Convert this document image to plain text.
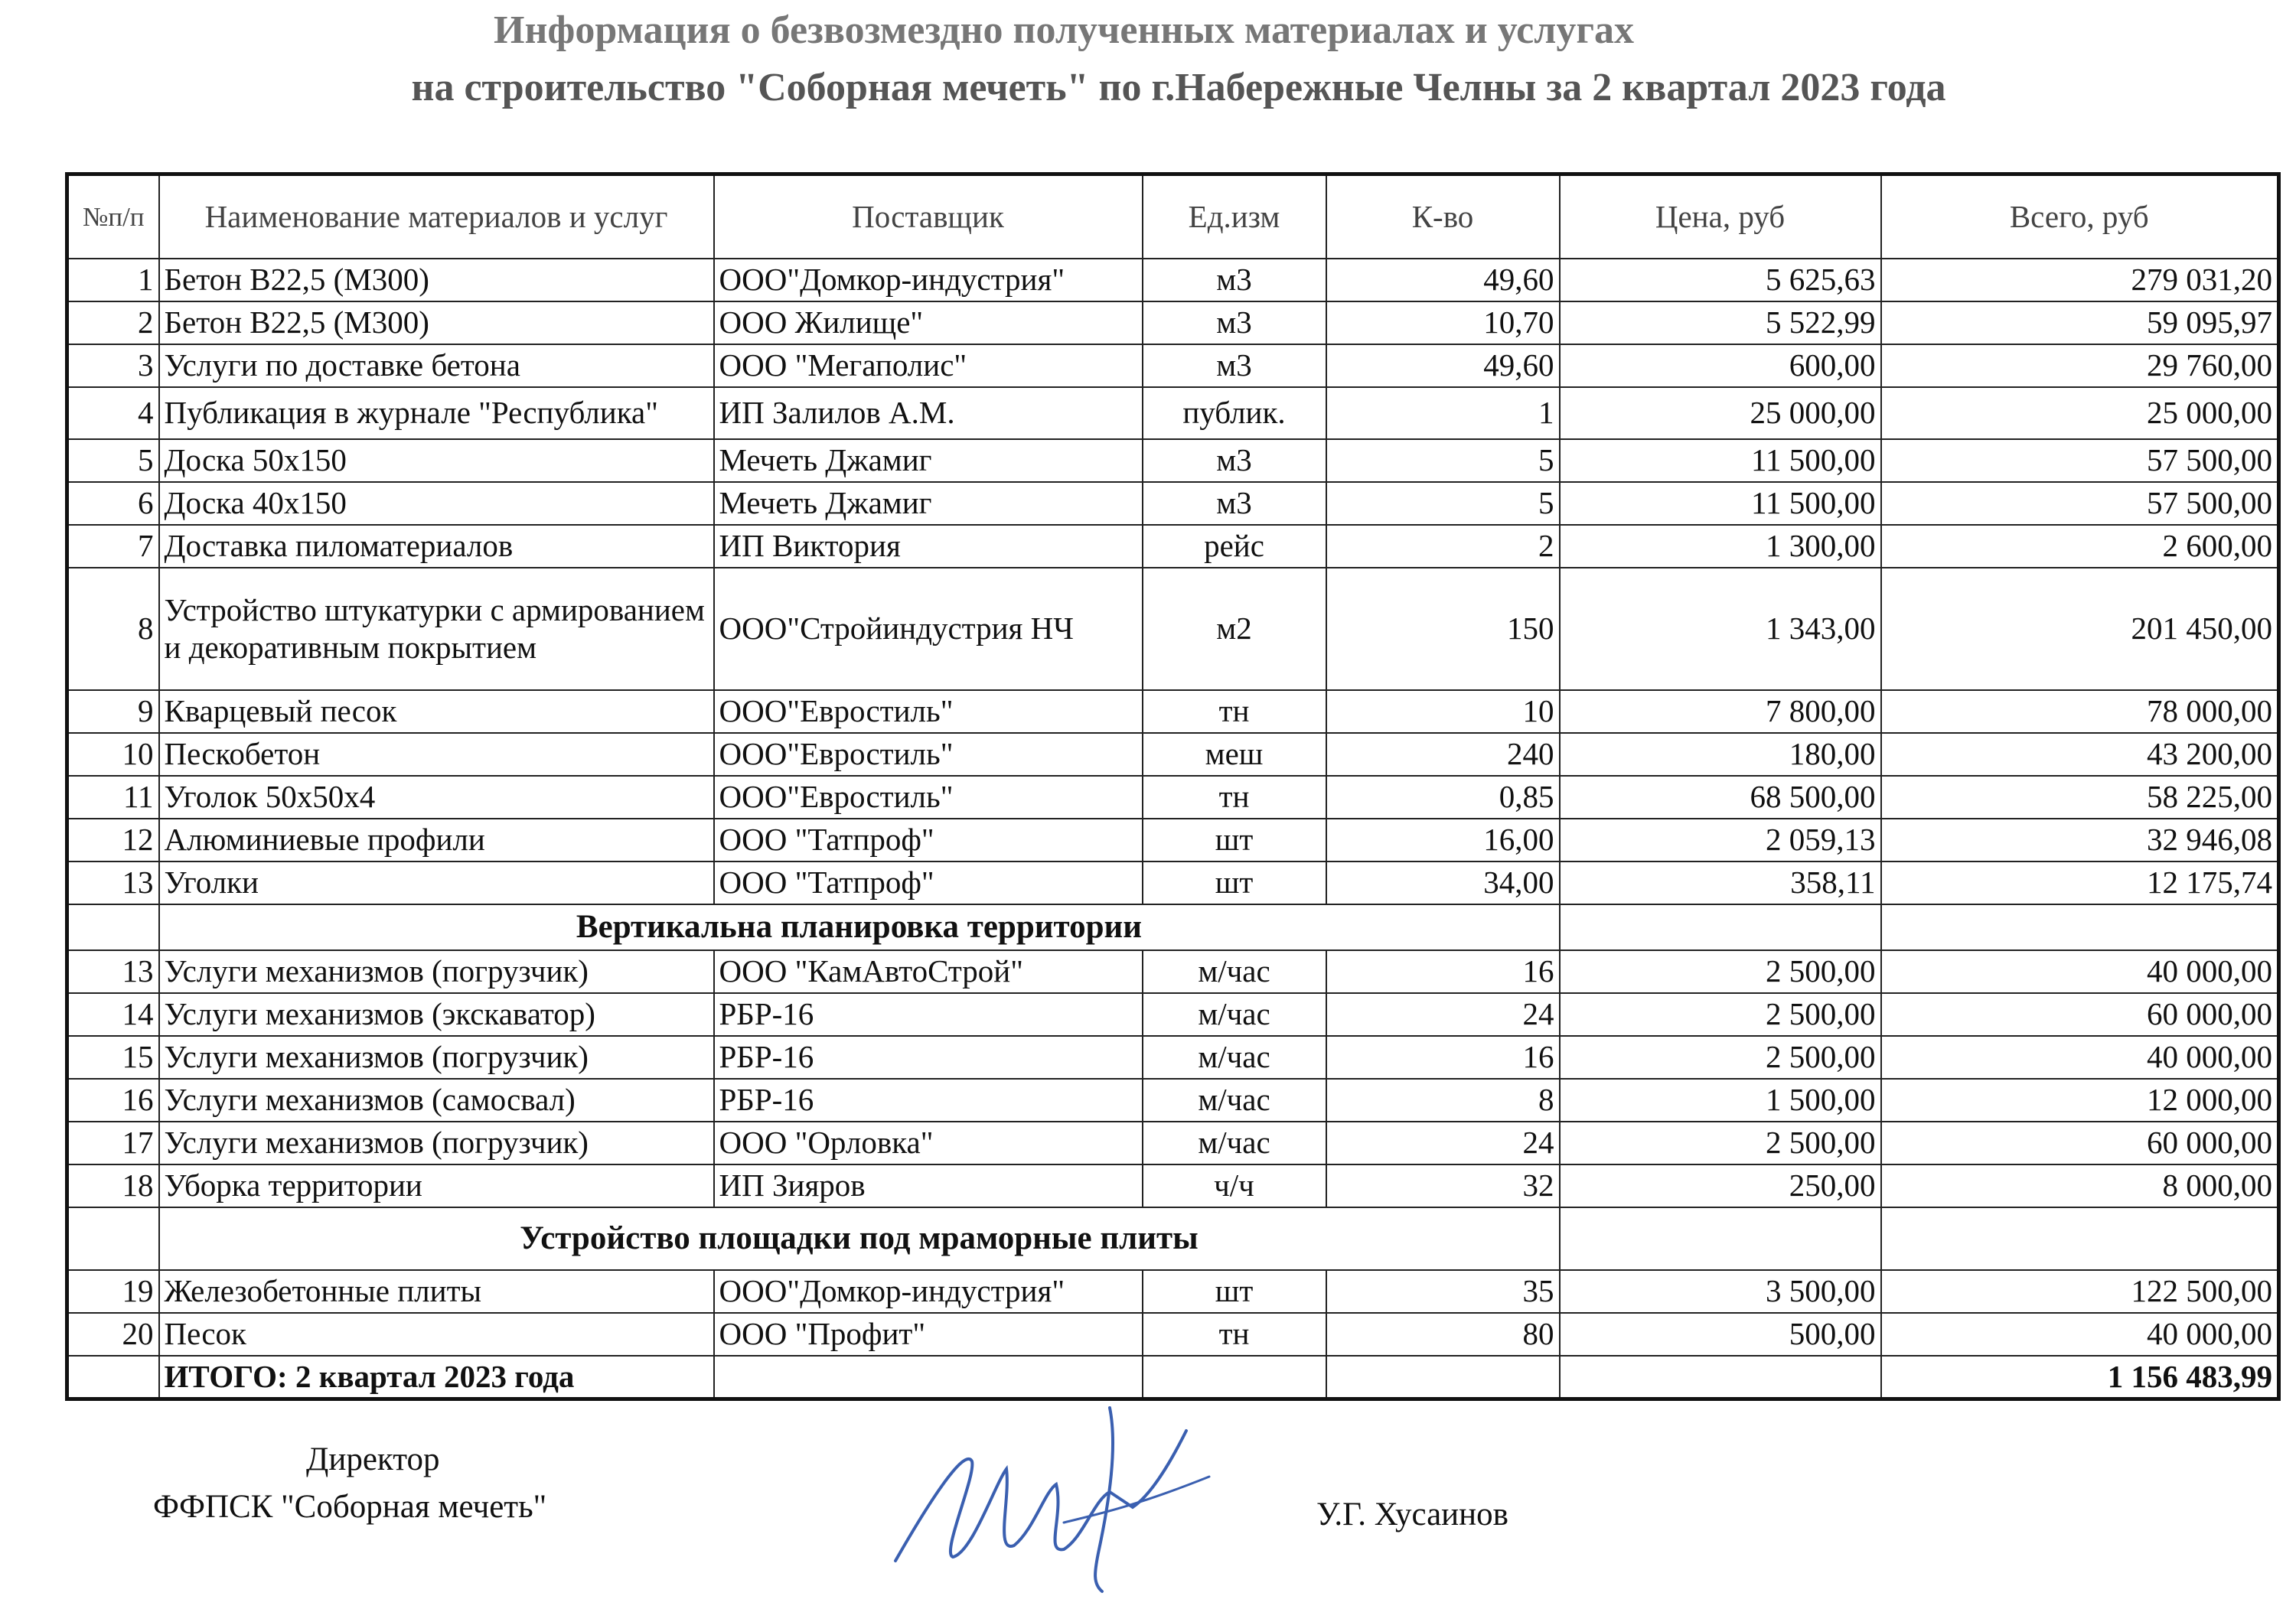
Информация о безвозмездно полученных материалах и услугах
на строительство "Соборная мечеть" по г.Набережные Челны за 2 квартал 2023 года
№п/п	Наименование материалов и услуг	Поставщик	Ед.изм	К-во	Цена, руб	Всего, руб
1	Бетон В22,5 (М300)	ООО"Домкор-индустрия"	м3	49,60	5 625,63	279 031,20
2	Бетон В22,5 (М300)	ООО Жилище"	м3	10,70	5 522,99	59 095,97
3	Услуги по доставке бетона	ООО "Мегаполис"	м3	49,60	600,00	29 760,00
4	Публикация в журнале "Республика"	ИП Залилов А.М.	публик.	1	25 000,00	25 000,00
5	Доска 50х150	Мечеть Джамиг	м3	5	11 500,00	57 500,00
6	Доска 40х150	Мечеть Джамиг	м3	5	11 500,00	57 500,00
7	Доставка пиломатериалов	ИП Виктория	рейс	2	1 300,00	2 600,00
8	Устройство штукатурки с армированием и декоративным покрытием	ООО"Стройиндустрия НЧ	м2	150	1 343,00	201 450,00
9	Кварцевый песок	ООО"Евростиль"	тн	10	7 800,00	78 000,00
10	Пескобетон	ООО"Евростиль"	меш	240	180,00	43 200,00
11	Уголок 50х50х4	ООО"Евростиль"	тн	0,85	68 500,00	58 225,00
12	Алюминиевые профили	ООО "Татпроф"	шт	16,00	2 059,13	32 946,08
13	Уголки	ООО "Татпроф"	шт	34,00	358,11	12 175,74
	Вертикальна планировка территории					
13	Услуги механизмов (погрузчик)	ООО "КамАвтоСтрой"	м/час	16	2 500,00	40 000,00
14	Услуги механизмов (экскаватор)	РБР-16	м/час	24	2 500,00	60 000,00
15	Услуги механизмов (погрузчик)	РБР-16	м/час	16	2 500,00	40 000,00
16	Услуги механизмов (самосвал)	РБР-16	м/час	8	1 500,00	12 000,00
17	Услуги механизмов (погрузчик)	ООО "Орловка"	м/час	24	2 500,00	60 000,00
18	Уборка территории	ИП Зияров	ч/ч	32	250,00	8 000,00
	Устройство площадки под мраморные плиты					
19	Железобетонные плиты	ООО"Домкор-индустрия"	шт	35	3 500,00	122 500,00
20	Песок	ООО "Профит"	тн	80	500,00	40 000,00
	ИТОГО: 2 квартал 2023 года					1 156 483,99
Директор
ФФПСК "Соборная мечеть"	У.Г. Хусаинов
